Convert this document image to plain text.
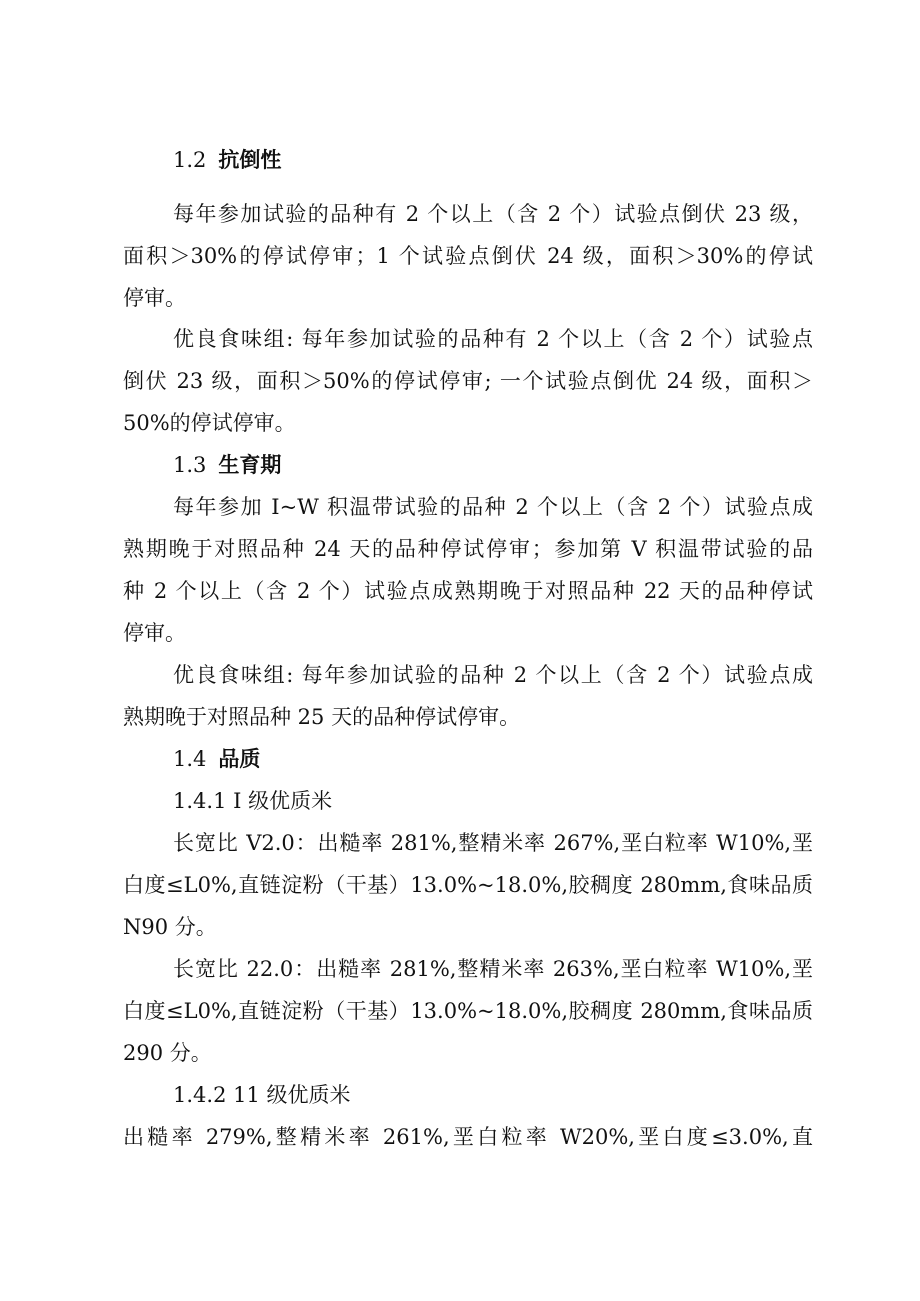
1.2 抗倒性
每年参加试验的品种有 2 个以上（含 2 个）试验点倒伏 23 级，
面积＞30%的停试停审；1 个试验点倒伏 24 级，面积＞30%的停试
停审。
优良食味组: 每年参加试验的品种有 2 个以上（含 2 个）试验点
倒伏 23 级，面积＞50%的停试停审; 一个试验点倒优 24 级，面积＞
50%的停试停审。
1.3 生育期
每年参加 I~W 积温带试验的品种 2 个以上（含 2 个）试验点成
熟期晚于对照品种 24 天的品种停试停审；参加第 V 积温带试验的品
种 2 个以上（含 2 个）试验点成熟期晚于对照品种 22 天的品种停试
停审。
优良食味组: 每年参加试验的品种 2 个以上（含 2 个）试验点成
熟期晚于对照品种 25 天的品种停试停审。
1.4 品质
1.4.1 I 级优质米
长宽比 V2.0：出糙率 281%,整精米率 267%,垩白粒率 W10%,垩
白度≤L0%,直链淀粉（干基）13.0%~18.0%,胶稠度 280mm,食味品质
N90 分。
长宽比 22.0：出糙率 281%,整精米率 263%,垩白粒率 W10%,垩
白度≤L0%,直链淀粉（干基）13.0%~18.0%,胶稠度 280mm,食味品质
290 分。
1.4.2 11 级优质米
出糙率 279%,整精米率 261%,垩白粒率 W20%,垩白度≤3.0%,直
